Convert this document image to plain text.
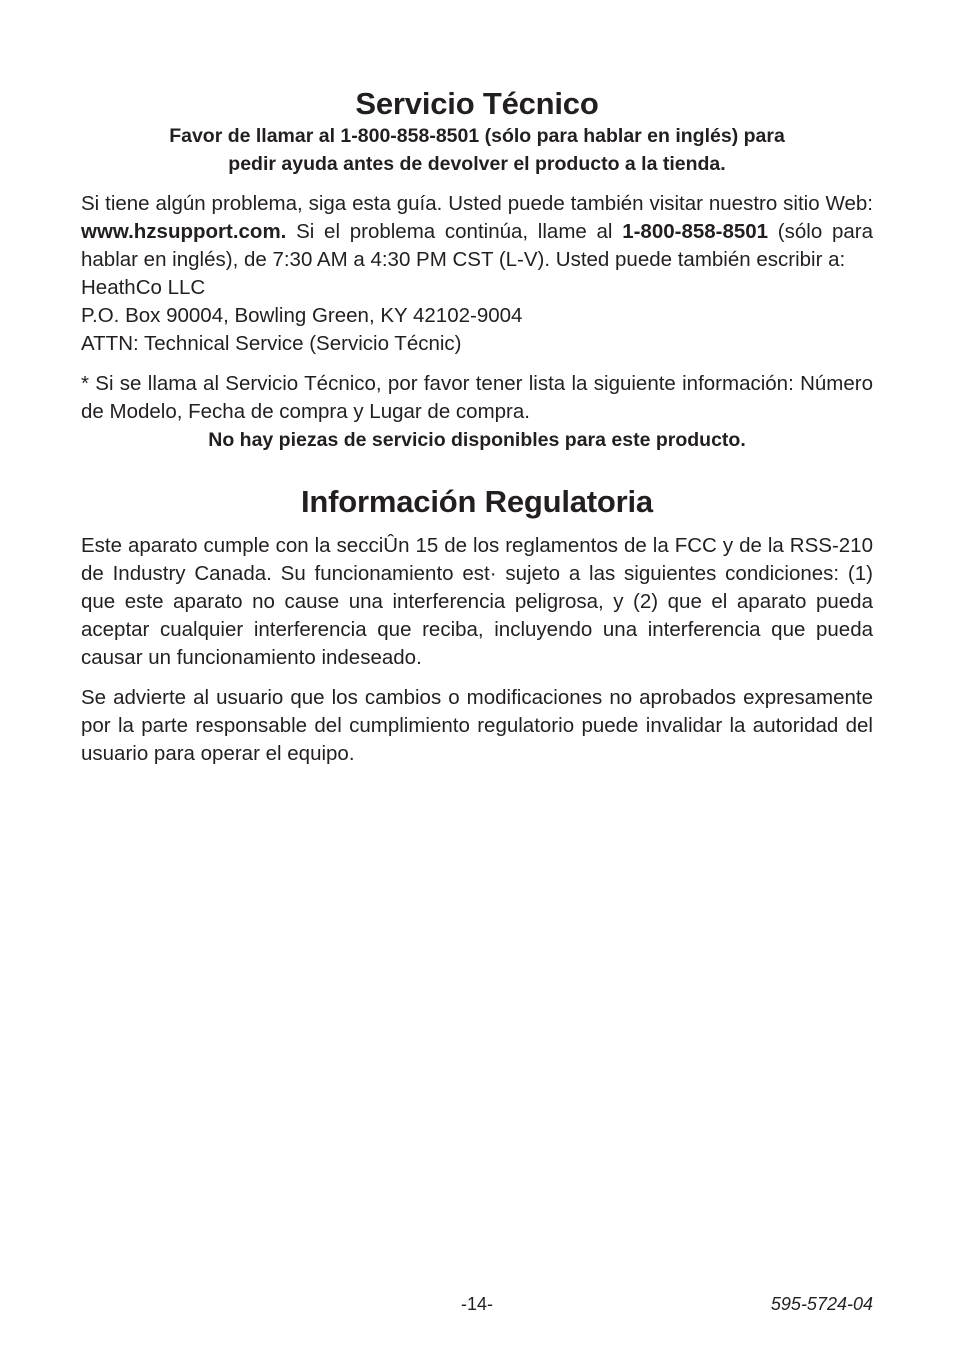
Servicio Técnico

Favor de llamar al 1-800-858-8501 (sólo para hablar en inglés) para

pedir ayuda antes de devolver el producto a la tienda.

Si tiene algún problema, siga esta guía. Usted puede también visitar nuestro sitio Web: www.hzsupport.com. Si el problema continúa, llame al 1-800-858-8501 (sólo para hablar en inglés), de 7:30 AM a 4:30 PM CST (L-V). Usted puede también escribir a:

HeathCo LLC

P.O. Box 90004, Bowling Green, KY 42102-9004

ATTN: Technical Service (Servicio Técnic)

* Si se llama al Servicio Técnico, por favor tener lista la siguiente información: Número de Modelo, Fecha de compra y Lugar de compra.

No hay piezas de servicio disponibles para este producto.

Información Regulatoria

Este aparato cumple con la secciÛn 15 de los reglamentos de la FCC y de la RSS-210 de Industry Canada. Su funcionamiento est· sujeto a las siguientes condiciones: (1) que este aparato no cause una interferencia peligrosa, y (2) que el aparato pueda aceptar cualquier interferencia que reciba, incluyendo una interferencia que pueda causar un funcionamiento indeseado.

Se advierte al usuario que los cambios o modificaciones no aprobados expresamente por la parte responsable del cumplimiento regulatorio puede invalidar la autoridad del usuario para operar el equipo.

-14-	595-5724-04
